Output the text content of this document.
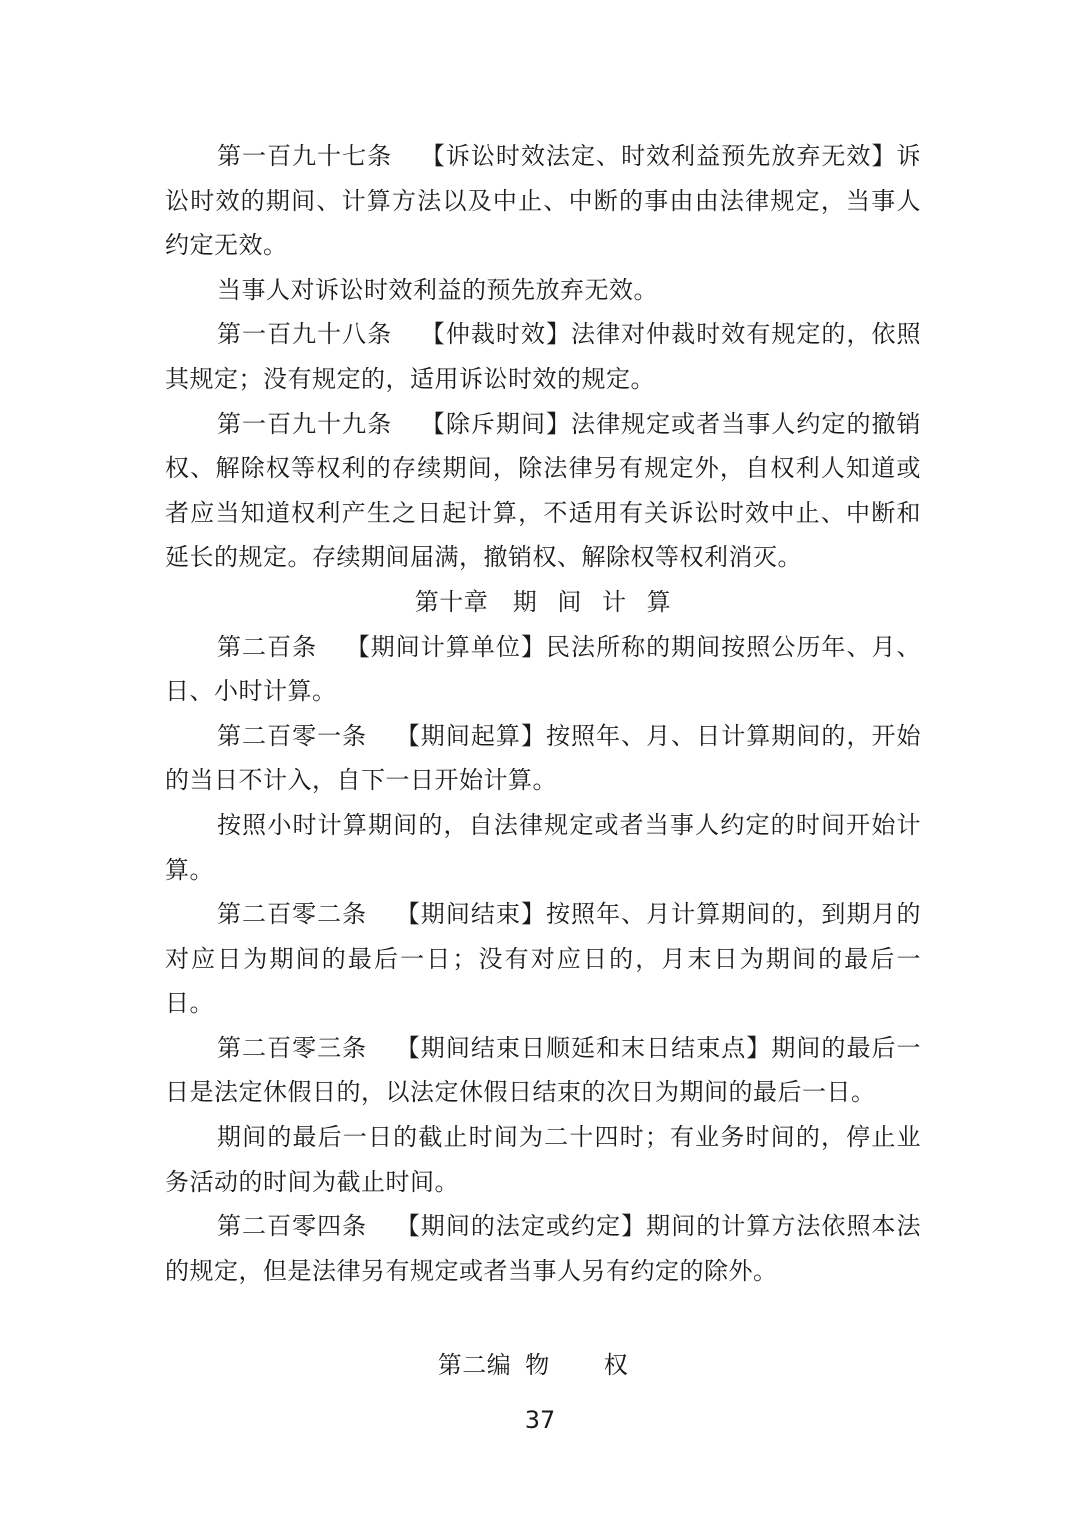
第一百九十七条 【诉讼时效法定、时效利益预先放弃无效】诉讼时效的期间、计算方法以及中止、中断的事由由法律规定，当事人约定无效。

当事人对诉讼时效利益的预先放弃无效。

第一百九十八条 【仲裁时效】法律对仲裁时效有规定的，依照其规定；没有规定的，适用诉讼时效的规定。

第一百九十九条 【除斥期间】法律规定或者当事人约定的撤销权、解除权等权利的存续期间，除法律另有规定外，自权利人知道或者应当知道权利产生之日起计算，不适用有关诉讼时效中止、中断和延长的规定。存续期间届满，撤销权、解除权等权利消灭。

第十章　期 间 计 算

第二百条 【期间计算单位】民法所称的期间按照公历年、月、日、小时计算。

第二百零一条 【期间起算】按照年、月、日计算期间的，开始的当日不计入，自下一日开始计算。

按照小时计算期间的，自法律规定或者当事人约定的时间开始计算。

第二百零二条 【期间结束】按照年、月计算期间的，到期月的对应日为期间的最后一日；没有对应日的，月末日为期间的最后一日。

第二百零三条 【期间结束日顺延和末日结束点】期间的最后一日是法定休假日的，以法定休假日结束的次日为期间的最后一日。

期间的最后一日的截止时间为二十四时；有业务时间的，停止业务活动的时间为截止时间。

第二百零四条 【期间的法定或约定】期间的计算方法依照本法的规定，但是法律另有规定或者当事人另有约定的除外。

第二编 物 权
37
